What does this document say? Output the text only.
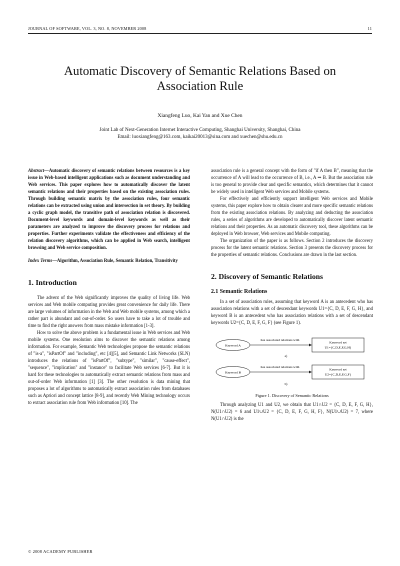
JOURNAL OF SOFTWARE, VOL. 3, NO. 8, NOVEMBER 2008	11
Automatic Discovery of Semantic Relations Based on Association Rule
Xiangfeng Luo, Kai Yan and Xue Chen
Joint Lab of Next-Generation Internet Interactive Computing, Shanghai University, Shanghai, China
Email: luoxiangfeng@163.com, kaikai20013@sina.com and xuechen@shu.edu.cn

Abstract—Automatic discovery of semantic relations between resources is a key issue in Web-based intelligent applications such as document understanding and Web services. This paper explores how to automatically discover the latent semantic relations and their properties based on the existing association rules. Through building semantic matrix by the association rules, four semantic relations can be extracted using union and intersection in set theory. By building a cyclic graph model, the transitive path of association relation is discovered. Document-level keywords and domain-level keywords as well as their parameters are analyzed to improve the discovery process for relations and properties. Further experiments validate the effectiveness and efficiency of the relation discovery algorithms, which can be applied in Web search, intelligent browsing and Web service composition.

Index Terms—Algorithm, Association Rule, Semantic Relation, Transitivity

1. Introduction

The advent of the Web significantly improves the quality of living life. Web services and Web mobile computing provides great convenience for daily life. There are large volumes of information in the Web and Web mobile systems, among which a rather part is abundant and out-of-order. So users have to take a lot of trouble and time to find the right answers from mass mistake information [1-3].

How to solve the above problem is a fundamental issue in Web services and Web mobile systems. One resolution aims to discover the semantic relations among information. For example, Semantic Web technologies propose the semantic relations of "is-a", "isPartOf" and "including", etc [4][5], and Semantic Link Networks (SLN) introduces the relations of "isPartOf", "subtype", "similar", "cause-effect", "sequence", "implication" and "instance" to facilitate Web services [6-7]. But it is hard for these technologies to automatically extract semantic relations from mass and out-of-order Web information [1] [3]. The other resolution is data mining that proposes a lot of algorithms to automatically extract association rules from databases such as Apriori and concept lattice [8-9], and recently Web Mining technology occurs to extract association rule from Web information [10]. The

association rule is a general concept with the form of "if A then B", meaning that the occurrence of A will lead to the occurrence of B, i.e., A ⇒ B. But the association rule is too general to provide clear and specific semantics, which determines that it cannot be widely used in intelligent Web services and Mobile systems.

For effectively and efficiently support intelligent Web services and Mobile systems, this paper explore how to obtain clearer and more specific semantic relations from the existing association relations. By analyzing and deducting the association rules, a series of algorithms are developed to automatically discover latent semantic relations and their properties. As an automatic discovery tool, these algorithms can be deployed in Web browser, Web services and Mobile computing.

The organization of the paper is as follows. Section 2 introduces the discovery process for the latent semantic relations. Section 3 presents the discovery process for the properties of semantic relations. Conclusions are drawn in the last section.

2. Discovery of Semantic Relations
2.1 Semantic Relations

In a set of association rules, assuming that keyword A is an antecedent who has association relations with a set of descendant keywords U1={C, D, E, F, G, H}, and keyword B is an antecedent who has association relations with a set of descendant keywords U2={C, D, E, F, G, F} (see Figure 1).

Keyword A
has associated relations with
Keyword set
U1={C,D,E,F,G,H}
a)
Keyword B
has associated relations with
Keyword set
U2={C,D,E,F,G,F}
b)
Figure 1. Discovery of Semantic Relations

Through analyzing U1 and U2, we obtain that U1∩U2 = {C, D, E, F, G, H}, N(U1∩U2) = 6 and U1∪U2 = {C, D, E, F, G, H, F}, N(U1∪U2) = 7, where N(U1∩U2) is the

© 2008 ACADEMY PUBLISHER
